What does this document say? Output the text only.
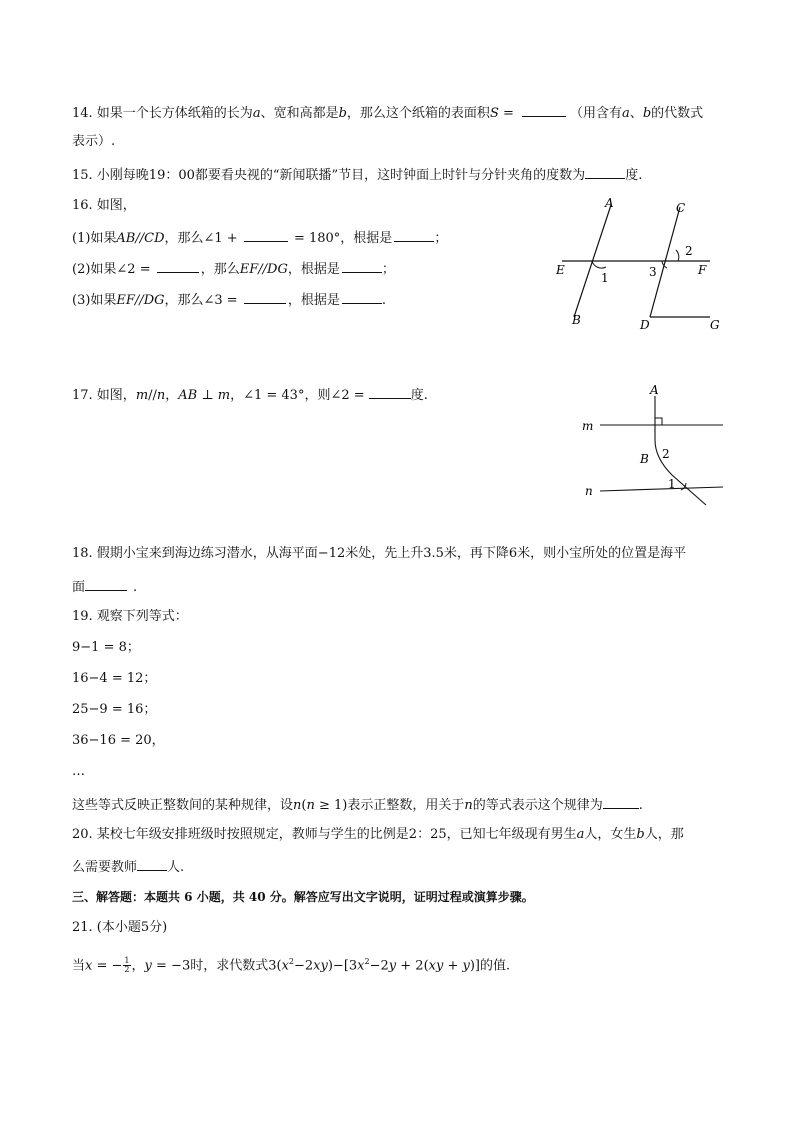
14. 如果一个长方体纸箱的长为a、宽和高都是b，那么这个纸箱的表面积S =	（用含有a、b的代数式
表示）.
15. 小刚每晚19：00都要看央视的“新闻联播”节目，这时钟面上时针与分针夹角的度数为	度.
16. 如图，
(1)如果AB//CD，那么∠1 +	= 180°，根据是	；
(2)如果∠2 =	，那么EF//DG，根据是	；
(3)如果EF//DG，那么∠3 =	，根据是	.
A
B
C
D
E	F
G
1
2
3
17. 如图，m//n，AB ⊥ m，∠1 = 43°，则∠2 =	度.	A
B
m
n	1
2
18. 假期小宝来到海边练习潜水，从海平面−12米处，先上升3.5米，再下降6米，则小宝所处的位置是海平
面	.
19. 观察下列等式：
9−1 = 8；
16−4 = 12；
25−9 = 16；
36−16 = 20，
…
这些等式反映正整数间的某种规律，设n(n ≥ 1)表示正整数，用关于n的等式表示这个规律为	.
20. 某校七年级安排班级时按照规定，教师与学生的比例是2：25，已知七年级现有男生a人，女生b人，那
么需要教师 人.
三、解答题：本题共 6 小题，共 40 分。解答应写出文字说明，证明过程或演算步骤。
21. (本小题5分)
当x = − $\frac{1}{2}$ ，y = −3时，求代数式$3(x^2-2xy)-[3x^2-2y + 2(xy + y)]$的值.
